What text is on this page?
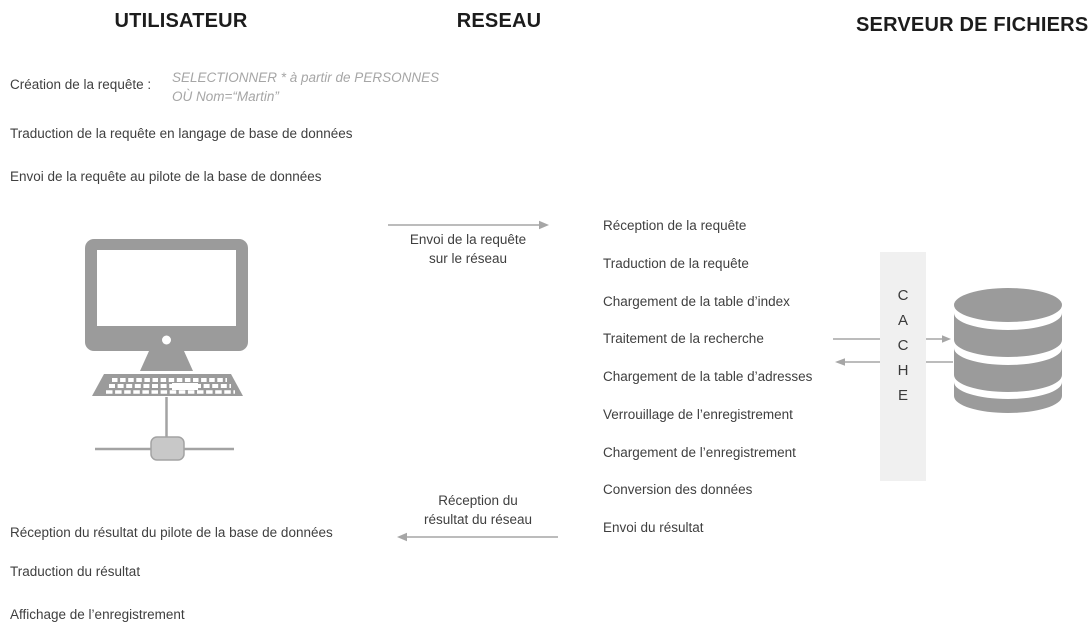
UTILISATEUR	RESEAU	SERVEUR DE FICHIERS
Création de la requête : SELECTIONNER * à partir de PERSONNES
OÙ Nom=“Martin”
Traduction de la requête en langage de base de données
Envoi de la requête au pilote de la base de données
Réception du résultat du pilote de la base de données
Traduction du résultat
Affichage de l’enregistrement
Envoi de la requête
sur le réseau
Réception du
résultat du réseau
Réception de la requête
Traduction de la requête
Chargement de la table d’index
Traitement de la recherche
Chargement de la table d’adresses
Verrouillage de l’enregistrement
Chargement de l’enregistrement
Conversion des données
Envoi du résultat
C
A
C
H
E
